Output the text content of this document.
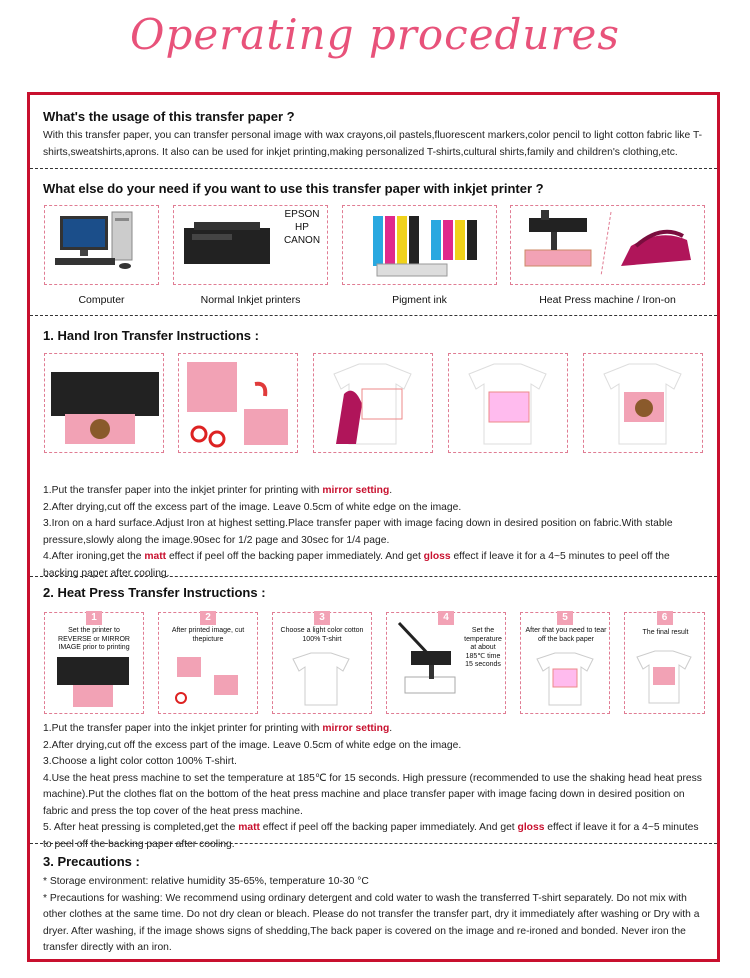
Operating procedures
What's the usage of this transfer paper ?
With this transfer paper, you can transfer personal image with wax crayons,oil pastels,fluorescent markers,color pencil to light cotton fabric like T-shirts,sweatshirts,aprons. It also can be used for inkjet printing,making personalized T-shirts,cultural shirts,family and children's clothing,etc.
What else do your need if you want to use this transfer paper with inkjet printer ?
EPSON
HP
CANON
Computer	Normal Inkjet printers	Pigment ink	Heat Press machine / Iron-on
1. Hand Iron Transfer Instructions :
1.Put the transfer paper into the inkjet printer for printing with mirror setting.
2.After drying,cut off the excess part of the image. Leave 0.5cm of white edge on the image.
3.Iron on a hard surface.Adjust Iron at highest setting.Place transfer paper with image facing down in desired position on fabric.With stable pressure,slowly along the image.90sec for 1/2 page and 30sec for 1/4 page.
4.After ironing,get the matt effect if peel off the backing paper immediately. And get gloss effect if leave it for a 4~5 minutes to peel off the backing paper after cooling.
2. Heat Press Transfer Instructions :
1
Set the printer to REVERSE or MIRROR IMAGE prior to printing
2
After printed image, cut thepicture
3
Choose a light color cotton 100% T-shirt
4
Set the temperature at about 185℃ time 15 seconds
5
After that you need to tear off the back paper
6
The final result
1.Put the transfer paper into the inkjet printer for printing with mirror setting.
2.After drying,cut off the excess part of the image. Leave 0.5cm of white edge on the image.
3.Choose a light color cotton 100% T-shirt.
4.Use the heat press machine to set the temperature at 185℃ for 15 seconds. High pressure (recommended to use the shaking head heat press machine).Put the clothes flat on the bottom of the heat press machine and place transfer paper with image facing down in desired position on fabric and press the top cover of the heat press machine.
5. After heat pressing is completed,get the matt effect if peel off the backing paper immediately. And get gloss effect if leave it for a 4~5 minutes to peel off the backing paper after cooling.
3. Precautions :
* Storage environment: relative humidity 35-65%, temperature 10-30 °C
* Precautions for washing: We recommend using ordinary detergent and cold water to wash the transferred T-shirt separately. Do not mix with other clothes at the same time. Do not dry clean or bleach. Please do not transfer the transfer part, dry it immediately after washing or Dry with a dryer. After washing, if the image shows signs of shedding,The back paper is covered on the image and re-ironed and bonded. Never iron the transfer directly with an iron.
